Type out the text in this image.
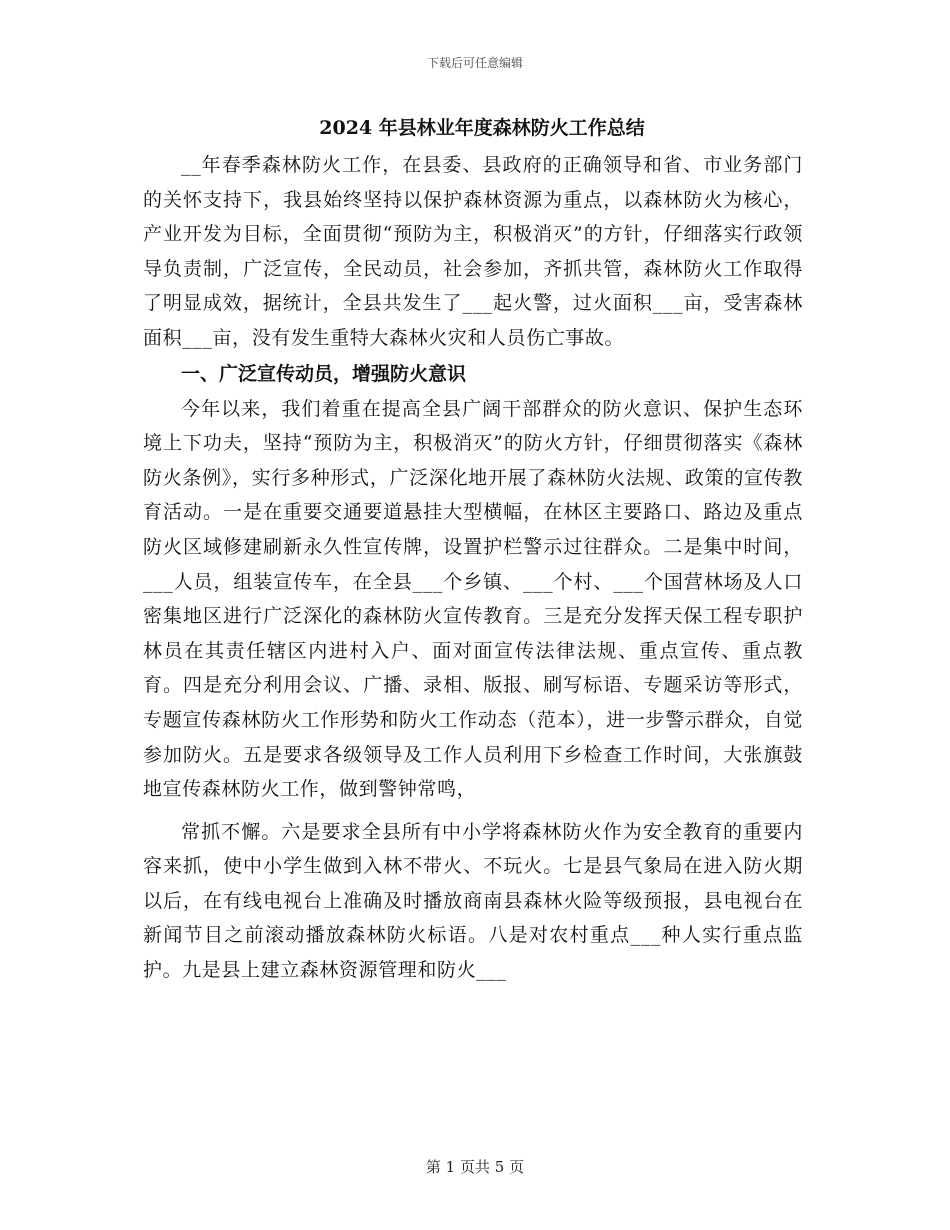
下载后可任意编辑

2024 年县林业年度森林防火工作总结

__年春季森林防火工作，在县委、县政府的正确领导和省、市业务部门的关怀支持下，我县始终坚持以保护森林资源为重点，以森林防火为核心，产业开发为目标，全面贯彻“预防为主，积极消灭”的方针，仔细落实行政领导负责制，广泛宣传，全民动员，社会参加，齐抓共管，森林防火工作取得了明显成效，据统计，全县共发生了___起火警，过火面积___亩，受害森林面积___亩，没有发生重特大森林火灾和人员伤亡事故。

一、广泛宣传动员，增强防火意识

今年以来，我们着重在提高全县广阔干部群众的防火意识、保护生态环境上下功夫，坚持“预防为主，积极消灭”的防火方针，仔细贯彻落实《森林防火条例》，实行多种形式，广泛深化地开展了森林防火法规、政策的宣传教育活动。一是在重要交通要道悬挂大型横幅，在林区主要路口、路边及重点防火区域修建刷新永久性宣传牌，设置护栏警示过往群众。二是集中时间，___人员，组装宣传车，在全县___个乡镇、___个村、___个国营林场及人口密集地区进行广泛深化的森林防火宣传教育。三是充分发挥天保工程专职护林员在其责任辖区内进村入户、面对面宣传法律法规、重点宣传、重点教育。四是充分利用会议、广播、录相、版报、刷写标语、专题采访等形式，专题宣传森林防火工作形势和防火工作动态（范本），进一步警示群众，自觉参加防火。五是要求各级领导及工作人员利用下乡检查工作时间，大张旗鼓地宣传森林防火工作，做到警钟常鸣，

常抓不懈。六是要求全县所有中小学将森林防火作为安全教育的重要内容来抓，使中小学生做到入林不带火、不玩火。七是县气象局在进入防火期以后，在有线电视台上准确及时播放商南县森林火险等级预报，县电视台在新闻节目之前滚动播放森林防火标语。八是对农村重点___种人实行重点监护。九是县上建立森林资源管理和防火___

第 1 页共 5 页
